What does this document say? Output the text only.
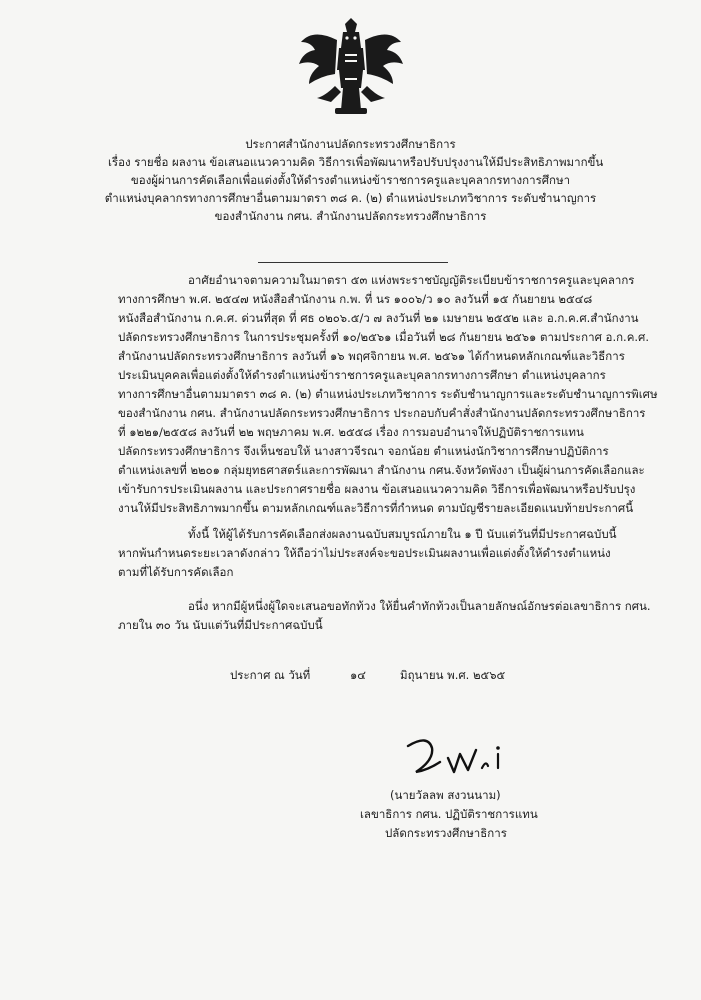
ประกาศสำนักงานปลัดกระทรวงศึกษาธิการ
เรื่อง รายชื่อ ผลงาน ข้อเสนอแนวความคิด วิธีการเพื่อพัฒนาหรือปรับปรุงงานให้มีประสิทธิภาพมากขึ้น
ของผู้ผ่านการคัดเลือกเพื่อแต่งตั้งให้ดำรงตำแหน่งข้าราชการครูและบุคลากรทางการศึกษา
ตำแหน่งบุคลากรทางการศึกษาอื่นตามมาตรา ๓๘ ค. (๒) ตำแหน่งประเภทวิชาการ ระดับชำนาญการ
ของสำนักงาน กศน. สำนักงานปลัดกระทรวงศึกษาธิการ
อาศัยอำนาจตามความในมาตรา ๕๓ แห่งพระราชบัญญัติระเบียบข้าราชการครูและบุคลากร
ทางการศึกษา พ.ศ. ๒๕๔๗ หนังสือสำนักงาน ก.พ. ที่ นร ๑๐๐๖/ว ๑๐ ลงวันที่ ๑๕ กันยายน ๒๕๔๘
หนังสือสำนักงาน ก.ค.ศ. ด่วนที่สุด ที่ ศธ ๐๒๐๖.๕/ว ๗ ลงวันที่ ๒๑ เมษายน ๒๕๕๒ และ อ.ก.ค.ศ.สำนักงาน
ปลัดกระทรวงศึกษาธิการ ในการประชุมครั้งที่ ๑๐/๒๕๖๑ เมื่อวันที่ ๒๘ กันยายน ๒๕๖๑ ตามประกาศ อ.ก.ค.ศ.
สำนักงานปลัดกระทรวงศึกษาธิการ ลงวันที่ ๑๖ พฤศจิกายน พ.ศ. ๒๕๖๑ ได้กำหนดหลักเกณฑ์และวิธีการ
ประเมินบุคคลเพื่อแต่งตั้งให้ดำรงตำแหน่งข้าราชการครูและบุคลากรทางการศึกษา ตำแหน่งบุคลากร
ทางการศึกษาอื่นตามมาตรา ๓๘ ค. (๒) ตำแหน่งประเภทวิชาการ ระดับชำนาญการและระดับชำนาญการพิเศษ
ของสำนักงาน กศน. สำนักงานปลัดกระทรวงศึกษาธิการ ประกอบกับคำสั่งสำนักงานปลัดกระทรวงศึกษาธิการ
ที่ ๑๒๒๑/๒๕๕๘ ลงวันที่ ๒๒ พฤษภาคม พ.ศ. ๒๕๕๘ เรื่อง การมอบอำนาจให้ปฏิบัติราชการแทน
ปลัดกระทรวงศึกษาธิการ จึงเห็นชอบให้ นางสาวจีรณา จอกน้อย ตำแหน่งนักวิชาการศึกษาปฏิบัติการ
ตำแหน่งเลขที่ ๒๒๐๑ กลุ่มยุทธศาสตร์และการพัฒนา สำนักงาน กศน.จังหวัดพังงา เป็นผู้ผ่านการคัดเลือกและ
เข้ารับการประเมินผลงาน และประกาศรายชื่อ ผลงาน ข้อเสนอแนวความคิด วิธีการเพื่อพัฒนาหรือปรับปรุง
งานให้มีประสิทธิภาพมากขึ้น ตามหลักเกณฑ์และวิธีการที่กำหนด ตามบัญชีรายละเอียดแนบท้ายประกาศนี้
ทั้งนี้ ให้ผู้ได้รับการคัดเลือกส่งผลงานฉบับสมบูรณ์ภายใน ๑ ปี นับแต่วันที่มีประกาศฉบับนี้
หากพ้นกำหนดระยะเวลาดังกล่าว ให้ถือว่าไม่ประสงค์จะขอประเมินผลงานเพื่อแต่งตั้งให้ดำรงตำแหน่ง
ตามที่ได้รับการคัดเลือก
อนึ่ง หากมีผู้หนึ่งผู้ใดจะเสนอขอทักท้วง ให้ยื่นคำทักท้วงเป็นลายลักษณ์อักษรต่อเลขาธิการ กศน.
ภายใน ๓๐ วัน นับแต่วันที่มีประกาศฉบับนี้
ประกาศ ณ วันที่	๑๔	มิถุนายน พ.ศ. ๒๕๖๕
(นายวัลลพ สงวนนาม)
เลขาธิการ กศน. ปฏิบัติราชการแทน
ปลัดกระทรวงศึกษาธิการ
